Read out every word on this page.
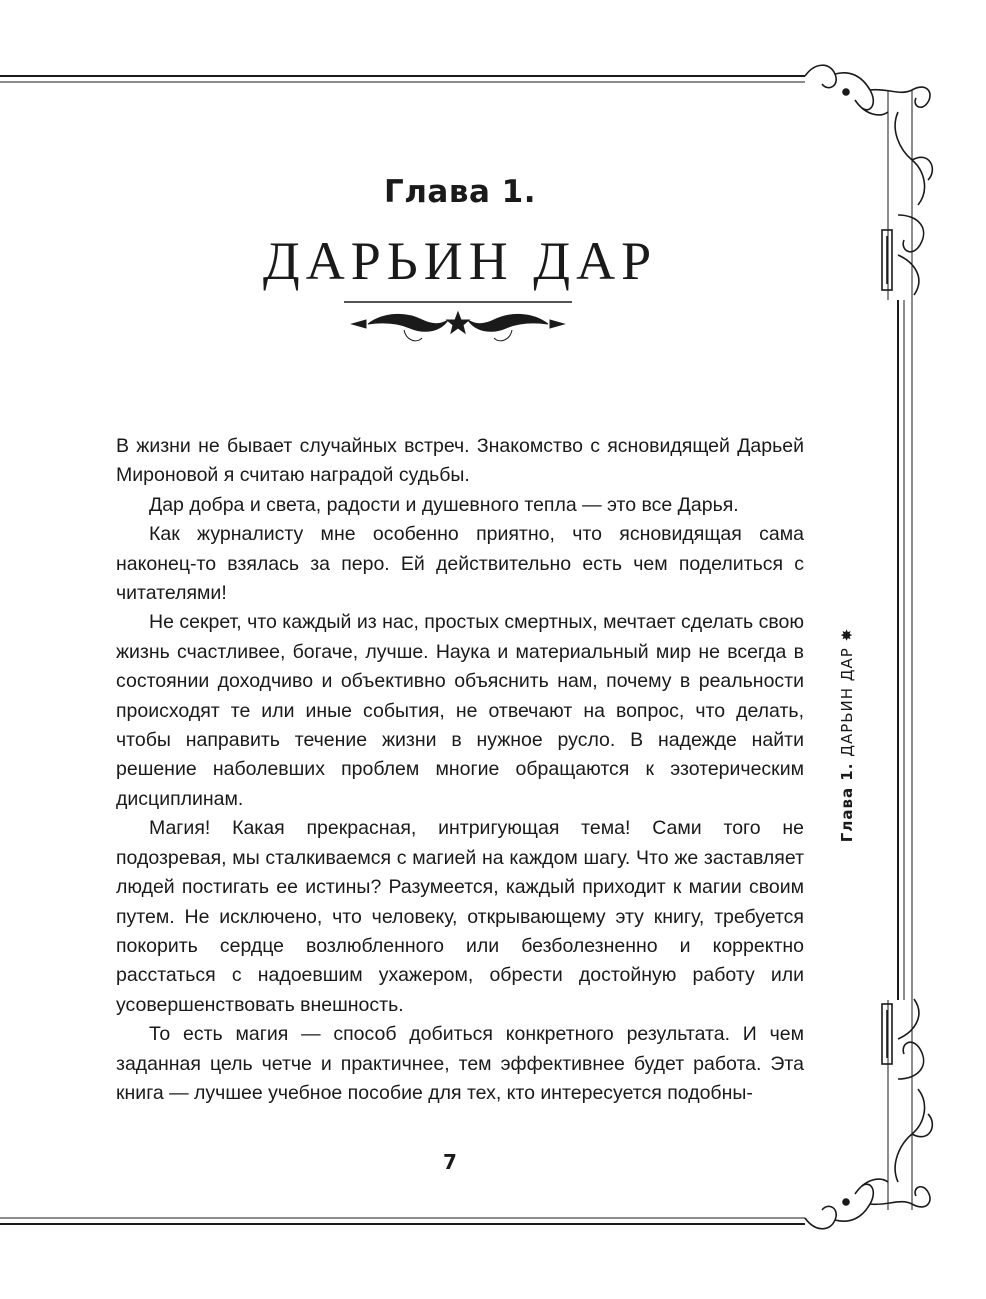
Глава 1.
ДАРЬИН ДАР

В жизни не бывает случайных встреч. Знакомство с ясновидящей Дарьей Мироновой я считаю наградой судьбы.

Дар добра и света, радости и душевного тепла — это все Дарья.

Как журналисту мне особенно приятно, что ясновидящая сама наконец-то взялась за перо. Ей действительно есть чем поделиться с читателями!

Не секрет, что каждый из нас, простых смертных, мечтает сделать свою жизнь счастливее, богаче, лучше. Наука и материальный мир не всегда в состоянии доходчиво и объективно объяснить нам, почему в реальности происходят те или иные события, не отвечают на вопрос, что делать, чтобы направить течение жизни в нужное русло. В надежде найти решение наболевших проблем многие обращаются к эзотерическим дисциплинам.

Магия! Какая прекрасная, интригующая тема! Сами того не подозревая, мы сталкиваемся с магией на каждом шагу. Что же заставляет людей постигать ее истины? Разумеется, каждый приходит к магии своим путем. Не исключено, что человеку, открывающему эту книгу, требуется покорить сердце возлюбленного или безболезненно и корректно расстаться с надоевшим ухажером, обрести достойную работу или усовершенствовать внешность.

То есть магия — способ добиться конкретного результата. И чем заданная цель четче и практичнее, тем эффективнее будет работа. Эта книга — лучшее учебное пособие для тех, кто интересуется подобны-

Глава 1. ДАРЬИН ДАР ✸
7
